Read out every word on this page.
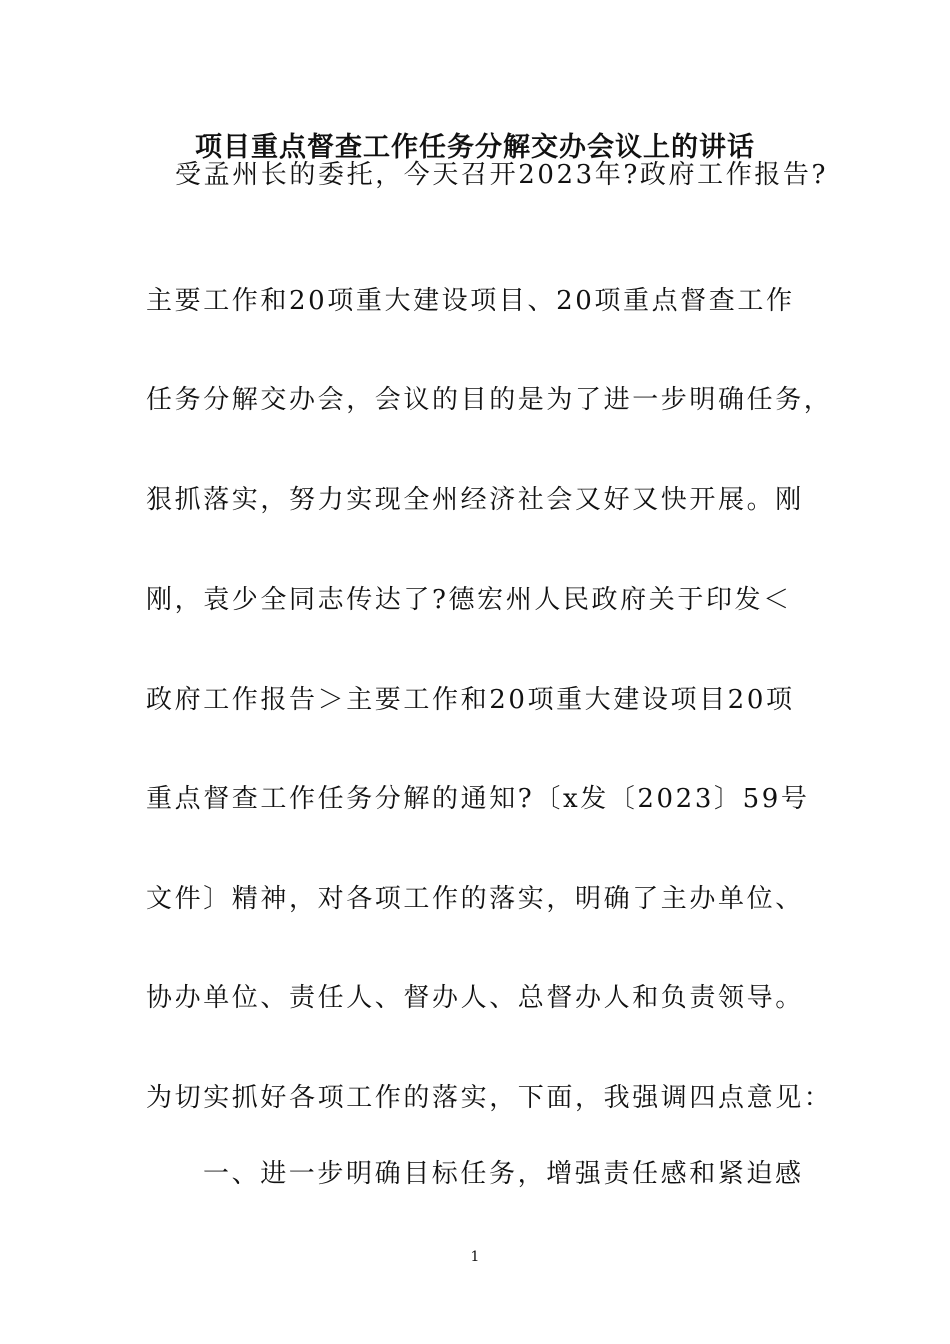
项目重点督查工作任务分解交办会议上的讲话
受孟州长的委托，今天召开2023年?政府工作报告?
主要工作和20项重大建设项目、20项重点督查工作
任务分解交办会，会议的目的是为了进一步明确任务，
狠抓落实，努力实现全州经济社会又好又快开展。刚
刚，袁少全同志传达了?德宏州人民政府关于印发＜
政府工作报告＞主要工作和20项重大建设项目20项
重点督查工作任务分解的通知?〔x发〔2023〕59号
文件〕精神，对各项工作的落实，明确了主办单位、
协办单位、责任人、督办人、总督办人和负责领导。
为切实抓好各项工作的落实，下面，我强调四点意见：
一、进一步明确目标任务，增强责任感和紧迫感
1
